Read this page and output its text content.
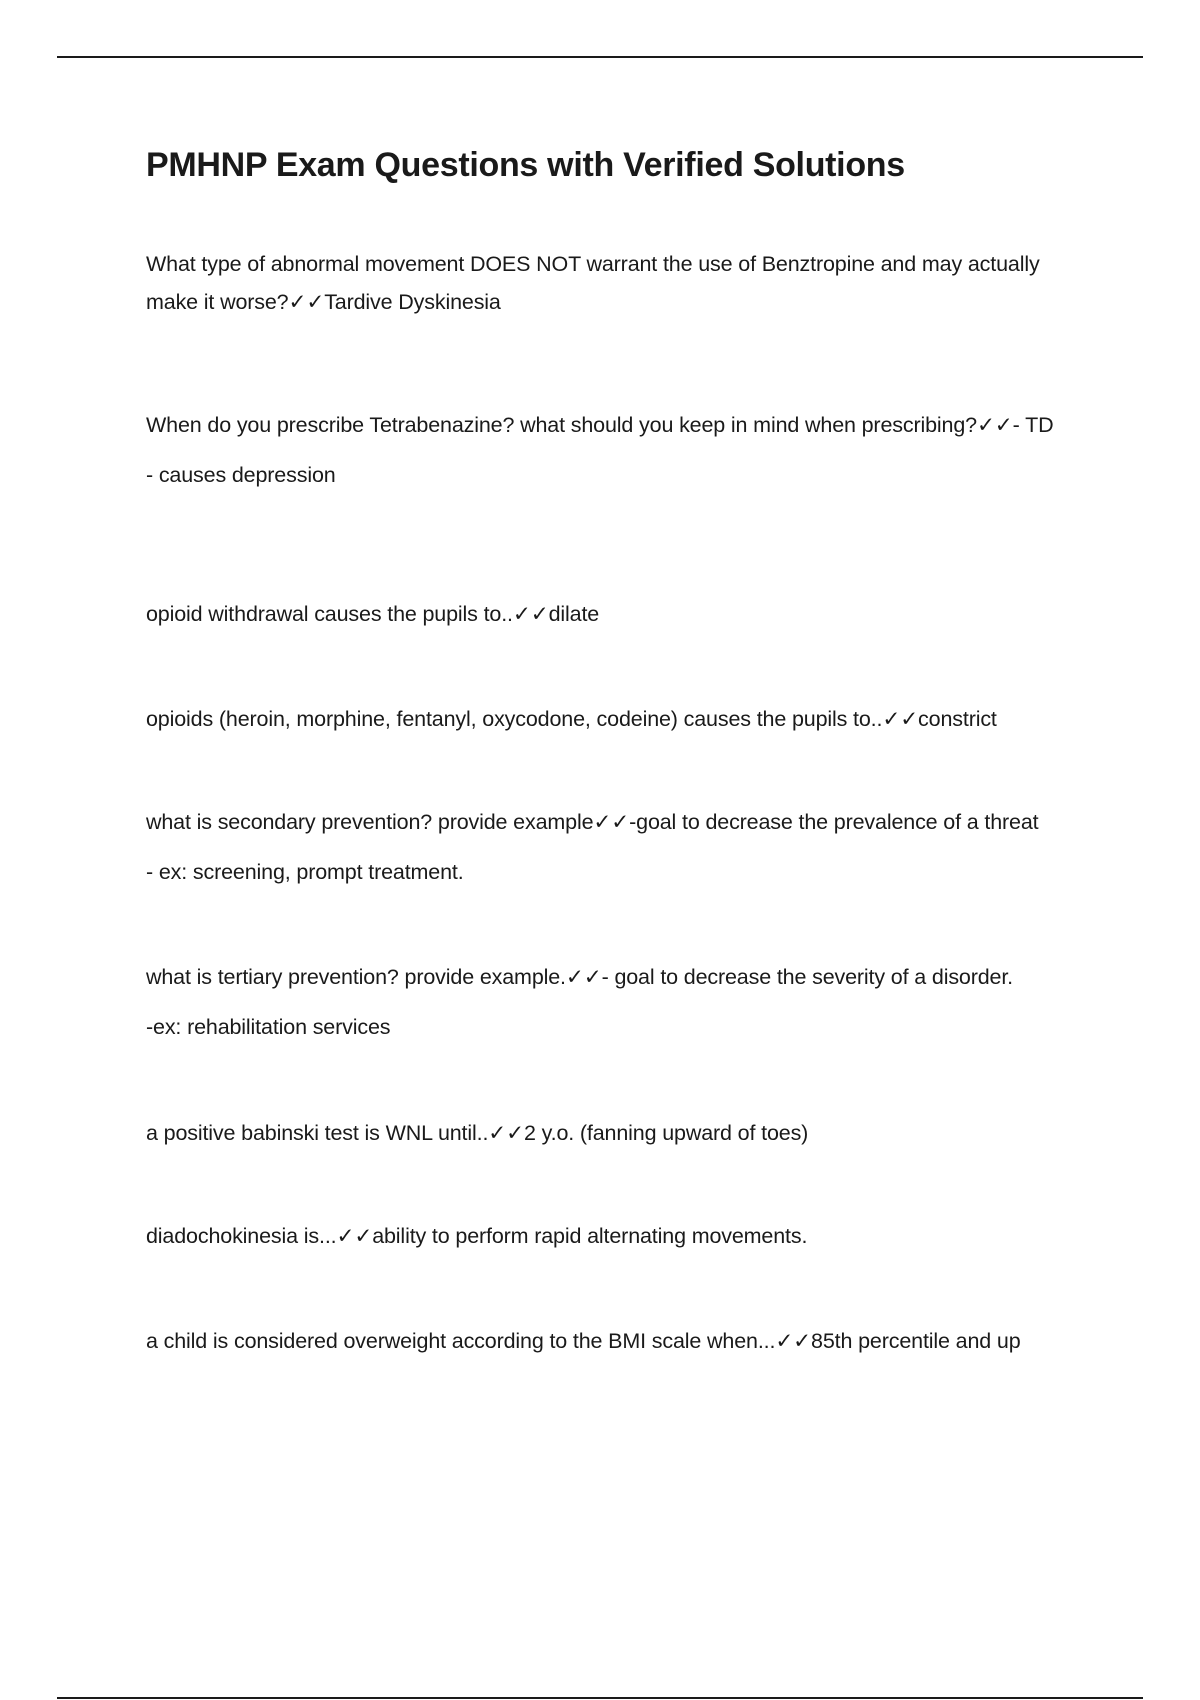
PMHNP Exam Questions with Verified Solutions

What type of abnormal movement DOES NOT warrant the use of Benztropine and may actually make it worse?✓✓Tardive Dyskinesia

When do you prescribe Tetrabenazine? what should you keep in mind when prescribing?✓✓- TD

- causes depression

opioid withdrawal causes the pupils to..✓✓dilate

opioids (heroin, morphine, fentanyl, oxycodone, codeine) causes the pupils to..✓✓constrict

what is secondary prevention? provide example✓✓-goal to decrease the prevalence of a threat

- ex: screening, prompt treatment.

what is tertiary prevention? provide example.✓✓- goal to decrease the severity of a disorder.

-ex: rehabilitation services

a positive babinski test is WNL until..✓✓2 y.o. (fanning upward of toes)

diadochokinesia is...✓✓ability to perform rapid alternating movements.

a child is considered overweight according to the BMI scale when...✓✓85th percentile and up
